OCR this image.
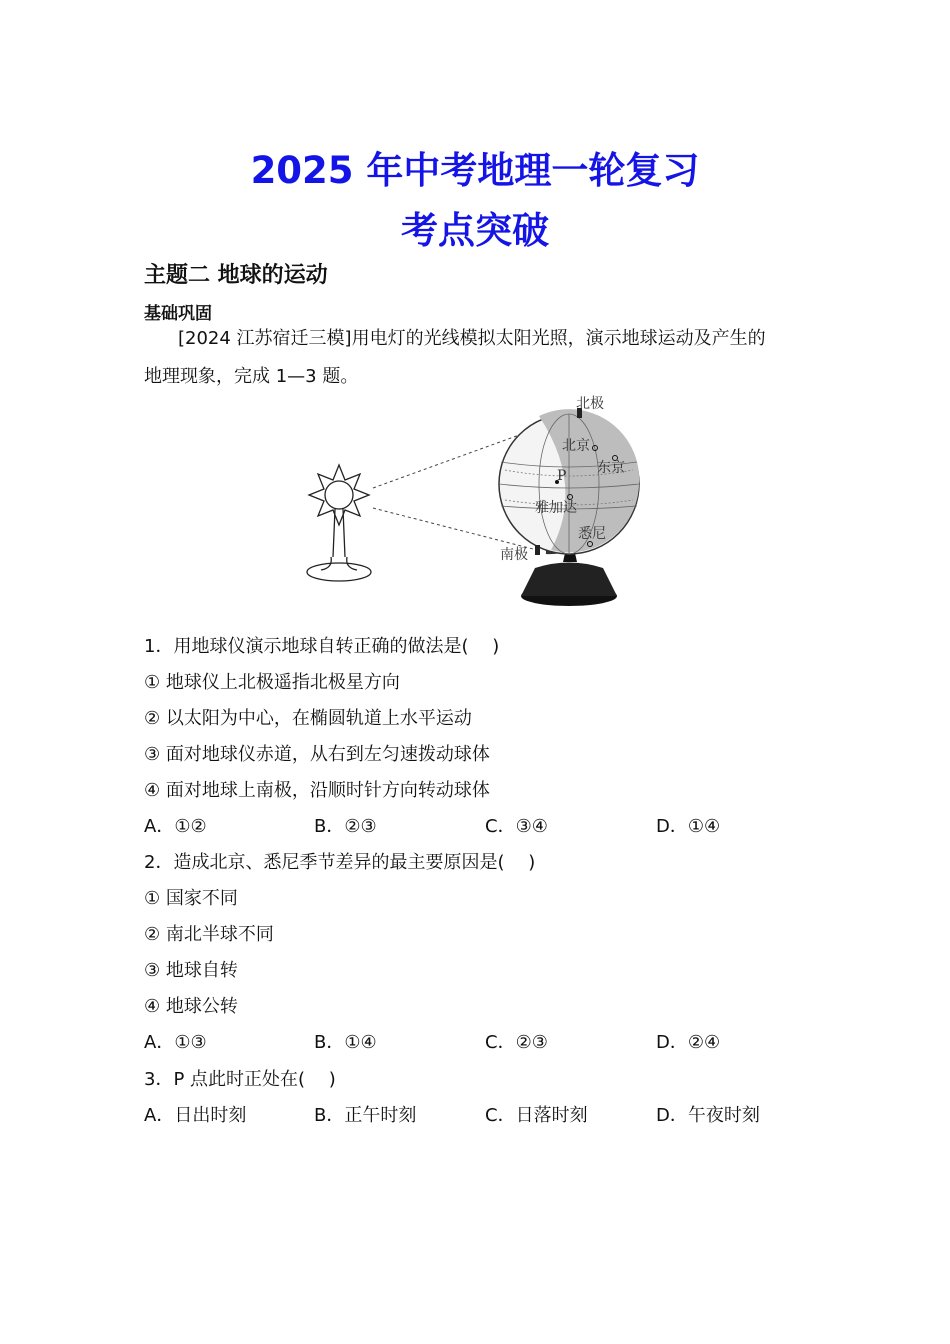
2025 年中考地理一轮复习
考点突破
主题二 地球的运动
基础巩固
[2024 江苏宿迁三模]用电灯的光线模拟太阳光照，演示地球运动及产生的
地理现象，完成 1—3 题。
北极
南极
北京
东京
P
雅加达
悉尼
1．用地球仪演示地球自转正确的做法是(　 )
① 地球仪上北极遥指北极星方向
② 以太阳为中心，在椭圆轨道上水平运动
③ 面对地球仪赤道，从右到左匀速拨动球体
④ 面对地球上南极，沿顺时针方向转动球体
A．①②	B．②③	C．③④	D．①④
2．造成北京、悉尼季节差异的最主要原因是(　 )
① 国家不同
② 南北半球不同
③ 地球自转
④ 地球公转
A．①③	B．①④	C．②③	D．②④
3．P 点此时正处在(　 )
A．日出时刻	B．正午时刻	C．日落时刻	D．午夜时刻
